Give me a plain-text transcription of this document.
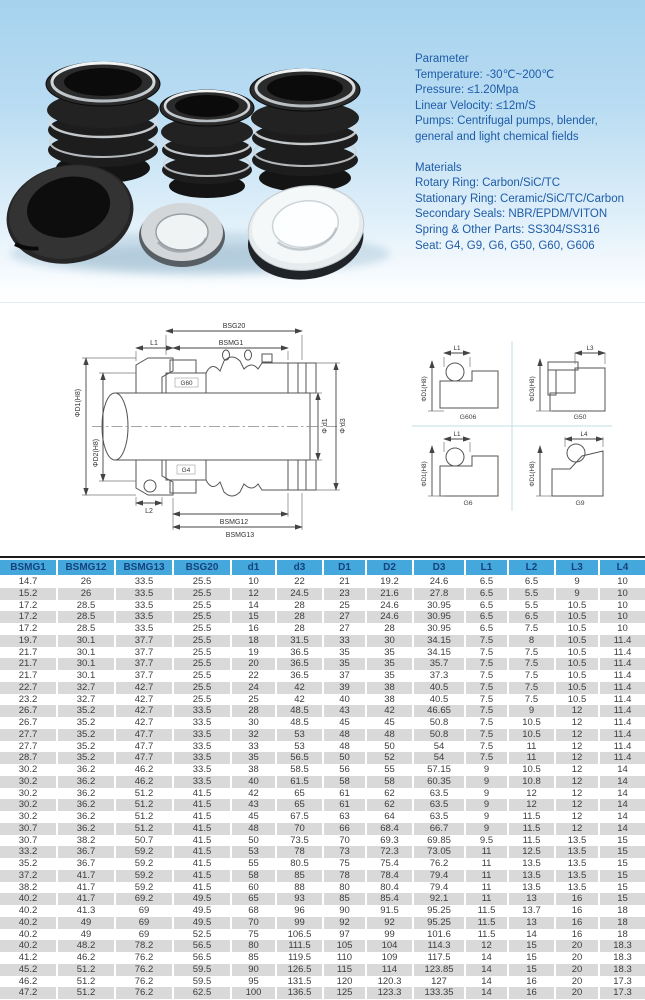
Parameter
Temperature: -30℃~200℃
Pressure: ≤1.20Mpa
Linear Velocity: ≤12m/S
Pumps: Centrifugal pumps, blender,
general and light chemical fields
Materials
Rotary Ring: Carbon/SiC/TC
Stationary Ring: Ceramic/SiC/TC/Carbon
Secondary Seals: NBR/EPDM/VITON
Spring & Other Parts: SS304/SS316
Seat: G4, G9, G6, G50, G60, G606
G60
G4
BSG20
L1	BSMG1
L2
BSMG12
BSMG13
ΦD1(H8)
ΦD2(H8)
Φ d1 Φ d3
L1
ΦD1(H8)
G606
L3
ΦD3(H8)
G50
L1
ΦD1(H8)
G6
L4
ΦD1(H8)
G9
BSMG1	BSMG12	BSMG13	BSG20	d1	d3	D1	D2	D3	L1	L2	L3	L4
14.7	26	33.5	25.5	10	22	21	19.2	24.6	6.5	6.5	9	10
15.2	26	33.5	25.5	12	24.5	23	21.6	27.8	6.5	5.5	9	10
17.2	28.5	33.5	25.5	14	28	25	24.6	30.95	6.5	5.5	10.5	10
17.2	28.5	33.5	25.5	15	28	27	24.6	30.95	6.5	6.5	10.5	10
17.2	28.5	33.5	25.5	16	28	27	28	30.95	6.5	7.5	10.5	10
19.7	30.1	37.7	25.5	18	31.5	33	30	34.15	7.5	8	10.5	11.4
21.7	30.1	37.7	25.5	19	36.5	35	35	34.15	7.5	7.5	10.5	11.4
21.7	30.1	37.7	25.5	20	36.5	35	35	35.7	7.5	7.5	10.5	11.4
21.7	30.1	37.7	25.5	22	36.5	37	35	37.3	7.5	7.5	10.5	11.4
22.7	32.7	42.7	25.5	24	42	39	38	40.5	7.5	7.5	10.5	11.4
23.2	32.7	42.7	25.5	25	42	40	38	40.5	7.5	7.5	10.5	11.4
26.7	35.2	42.7	33.5	28	48.5	43	42	46.65	7.5	9	12	11.4
26.7	35.2	42.7	33.5	30	48.5	45	45	50.8	7.5	10.5	12	11.4
27.7	35.2	47.7	33.5	32	53	48	48	50.8	7.5	10.5	12	11.4
27.7	35.2	47.7	33.5	33	53	48	50	54	7.5	11	12	11.4
28.7	35.2	47.7	33.5	35	56.5	50	52	54	7.5	11	12	11.4
30.2	36.2	46.2	33.5	38	58.5	56	55	57.15	9	10.5	12	14
30.2	36.2	46.2	33.5	40	61.5	58	58	60.35	9	10.8	12	14
30.2	36.2	51.2	41.5	42	65	61	62	63.5	9	12	12	14
30.2	36.2	51.2	41.5	43	65	61	62	63.5	9	12	12	14
30.2	36.2	51.2	41.5	45	67.5	63	64	63.5	9	11.5	12	14
30.7	36.2	51.2	41.5	48	70	66	68.4	66.7	9	11.5	12	14
30.7	38.2	50.7	41.5	50	73.5	70	69.3	69.85	9.5	11.5	13.5	15
33.2	36.7	59.2	41.5	53	78	73	72.3	73.05	11	12.5	13.5	15
35.2	36.7	59.2	41.5	55	80.5	75	75.4	76.2	11	13.5	13.5	15
37.2	41.7	59.2	41.5	58	85	78	78.4	79.4	11	13.5	13.5	15
38.2	41.7	59.2	41.5	60	88	80	80.4	79.4	11	13.5	13.5	15
40.2	41.7	69.2	49.5	65	93	85	85.4	92.1	11	13	16	15
40.2	41.3	69	49.5	68	96	90	91.5	95.25	11.5	13.7	16	18
40.2	49	69	49.5	70	99	92	92	95.25	11.5	13	16	18
40.2	49	69	52.5	75	106.5	97	99	101.6	11.5	14	16	18
40.2	48.2	78.2	56.5	80	111.5	105	104	114.3	12	15	20	18.3
41.2	46.2	76.2	56.5	85	119.5	110	109	117.5	14	15	20	18.3
45.2	51.2	76.2	59.5	90	126.5	115	114	123.85	14	15	20	18.3
46.2	51.2	76.2	59.5	95	131.5	120	120.3	127	14	16	20	17.3
47.2	51.2	76.2	62.5	100	136.5	125	123.3	133.35	14	16	20	17.3
